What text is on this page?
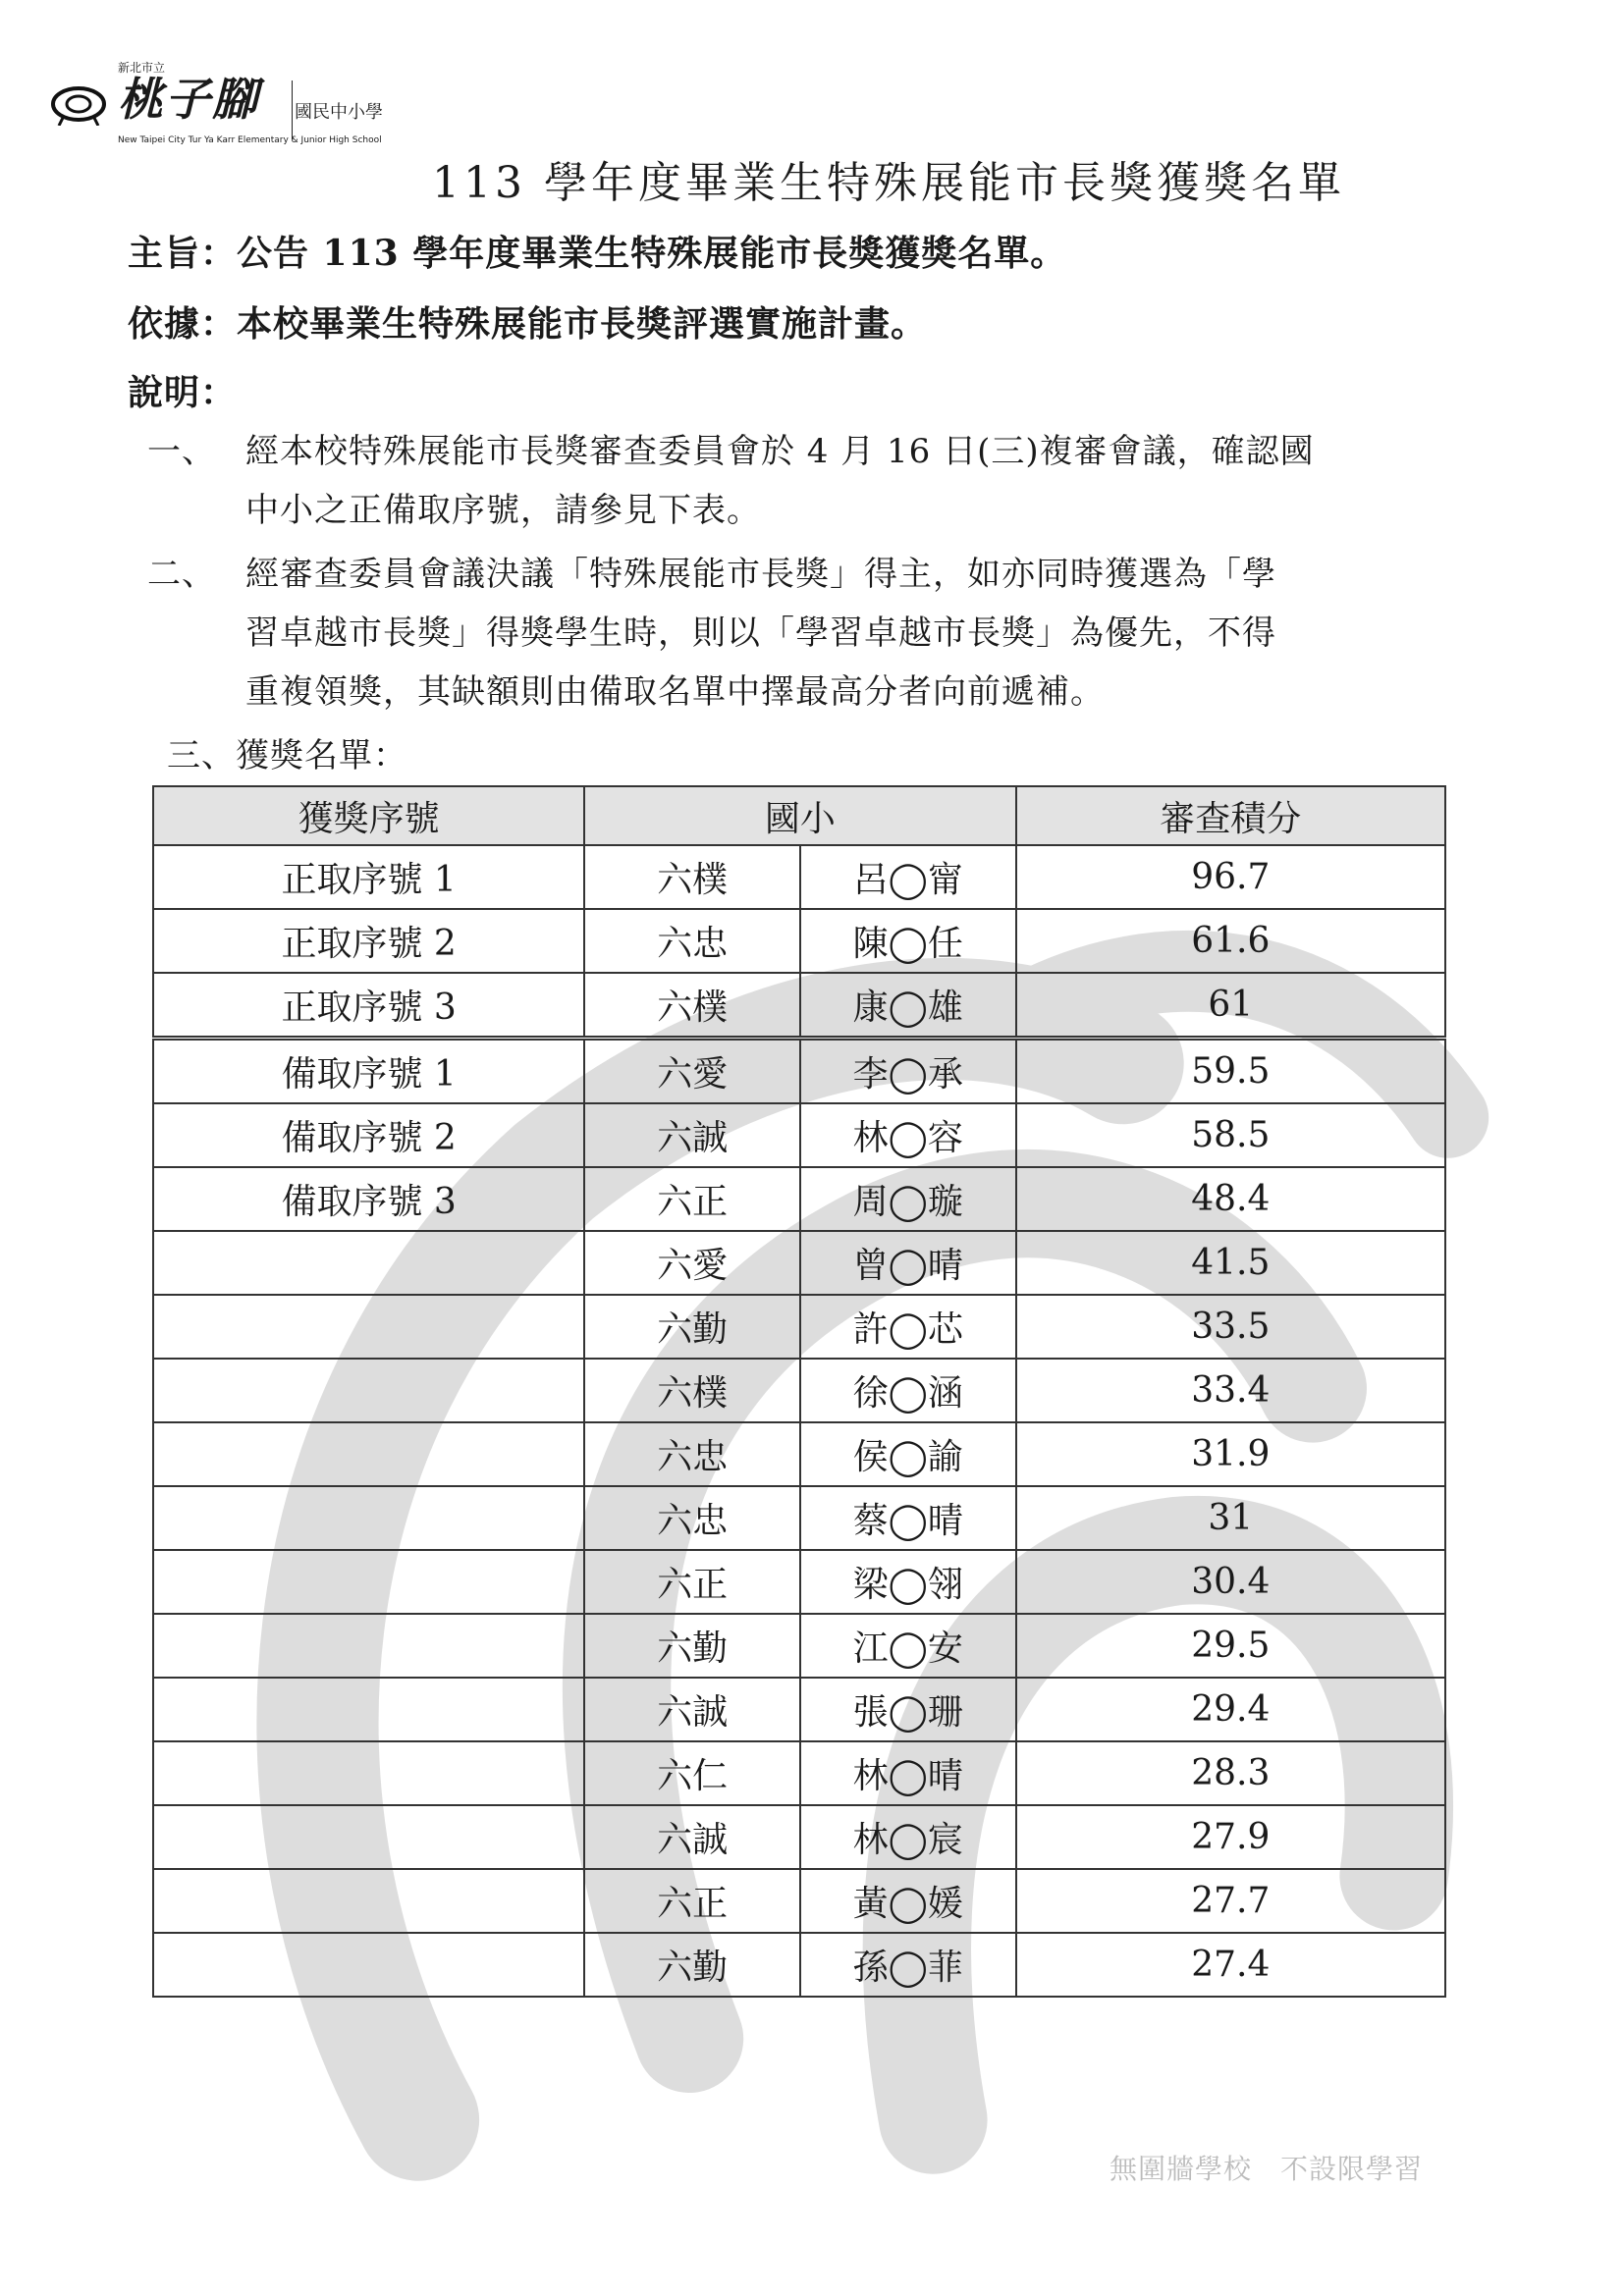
新北市立
桃子腳 國民中小學
New Taipei City Tur Ya Karr Elementary & Junior High School
113 學年度畢業生特殊展能市長獎獲獎名單
主旨：公告 113 學年度畢業生特殊展能市長獎獲獎名單。
依據：本校畢業生特殊展能市長獎評選實施計畫。
說明：
一、 經本校特殊展能市長獎審查委員會於 4 月 16 日(三)複審會議，確認國
中小之正備取序號，請參見下表。
二、 經審查委員會議決議「特殊展能市長獎」得主，如亦同時獲選為「學
習卓越市長獎」得獎學生時，則以「學習卓越市長獎」為優先，不得
重複領獎，其缺額則由備取名單中擇最高分者向前遞補。
三、獲獎名單：
獲獎序號	國小		審查積分
正取序號 1	六樸	呂◯甯	96.7
正取序號 2	六忠	陳◯任	61.6
正取序號 3	六樸	康◯雄	61
備取序號 1	六愛	李◯承	59.5
備取序號 2	六誠	林◯容	58.5
備取序號 3	六正	周◯璇	48.4
	六愛	曾◯晴	41.5
	六勤	許◯芯	33.5
	六樸	徐◯涵	33.4
	六忠	侯◯諭	31.9
	六忠	蔡◯晴	31
	六正	梁◯翎	30.4
	六勤	江◯安	29.5
	六誠	張◯珊	29.4
	六仁	林◯晴	28.3
	六誠	林◯宸	27.9
	六正	黃◯媛	27.7
	六勤	孫◯菲	27.4
無圍牆學校　不設限學習
